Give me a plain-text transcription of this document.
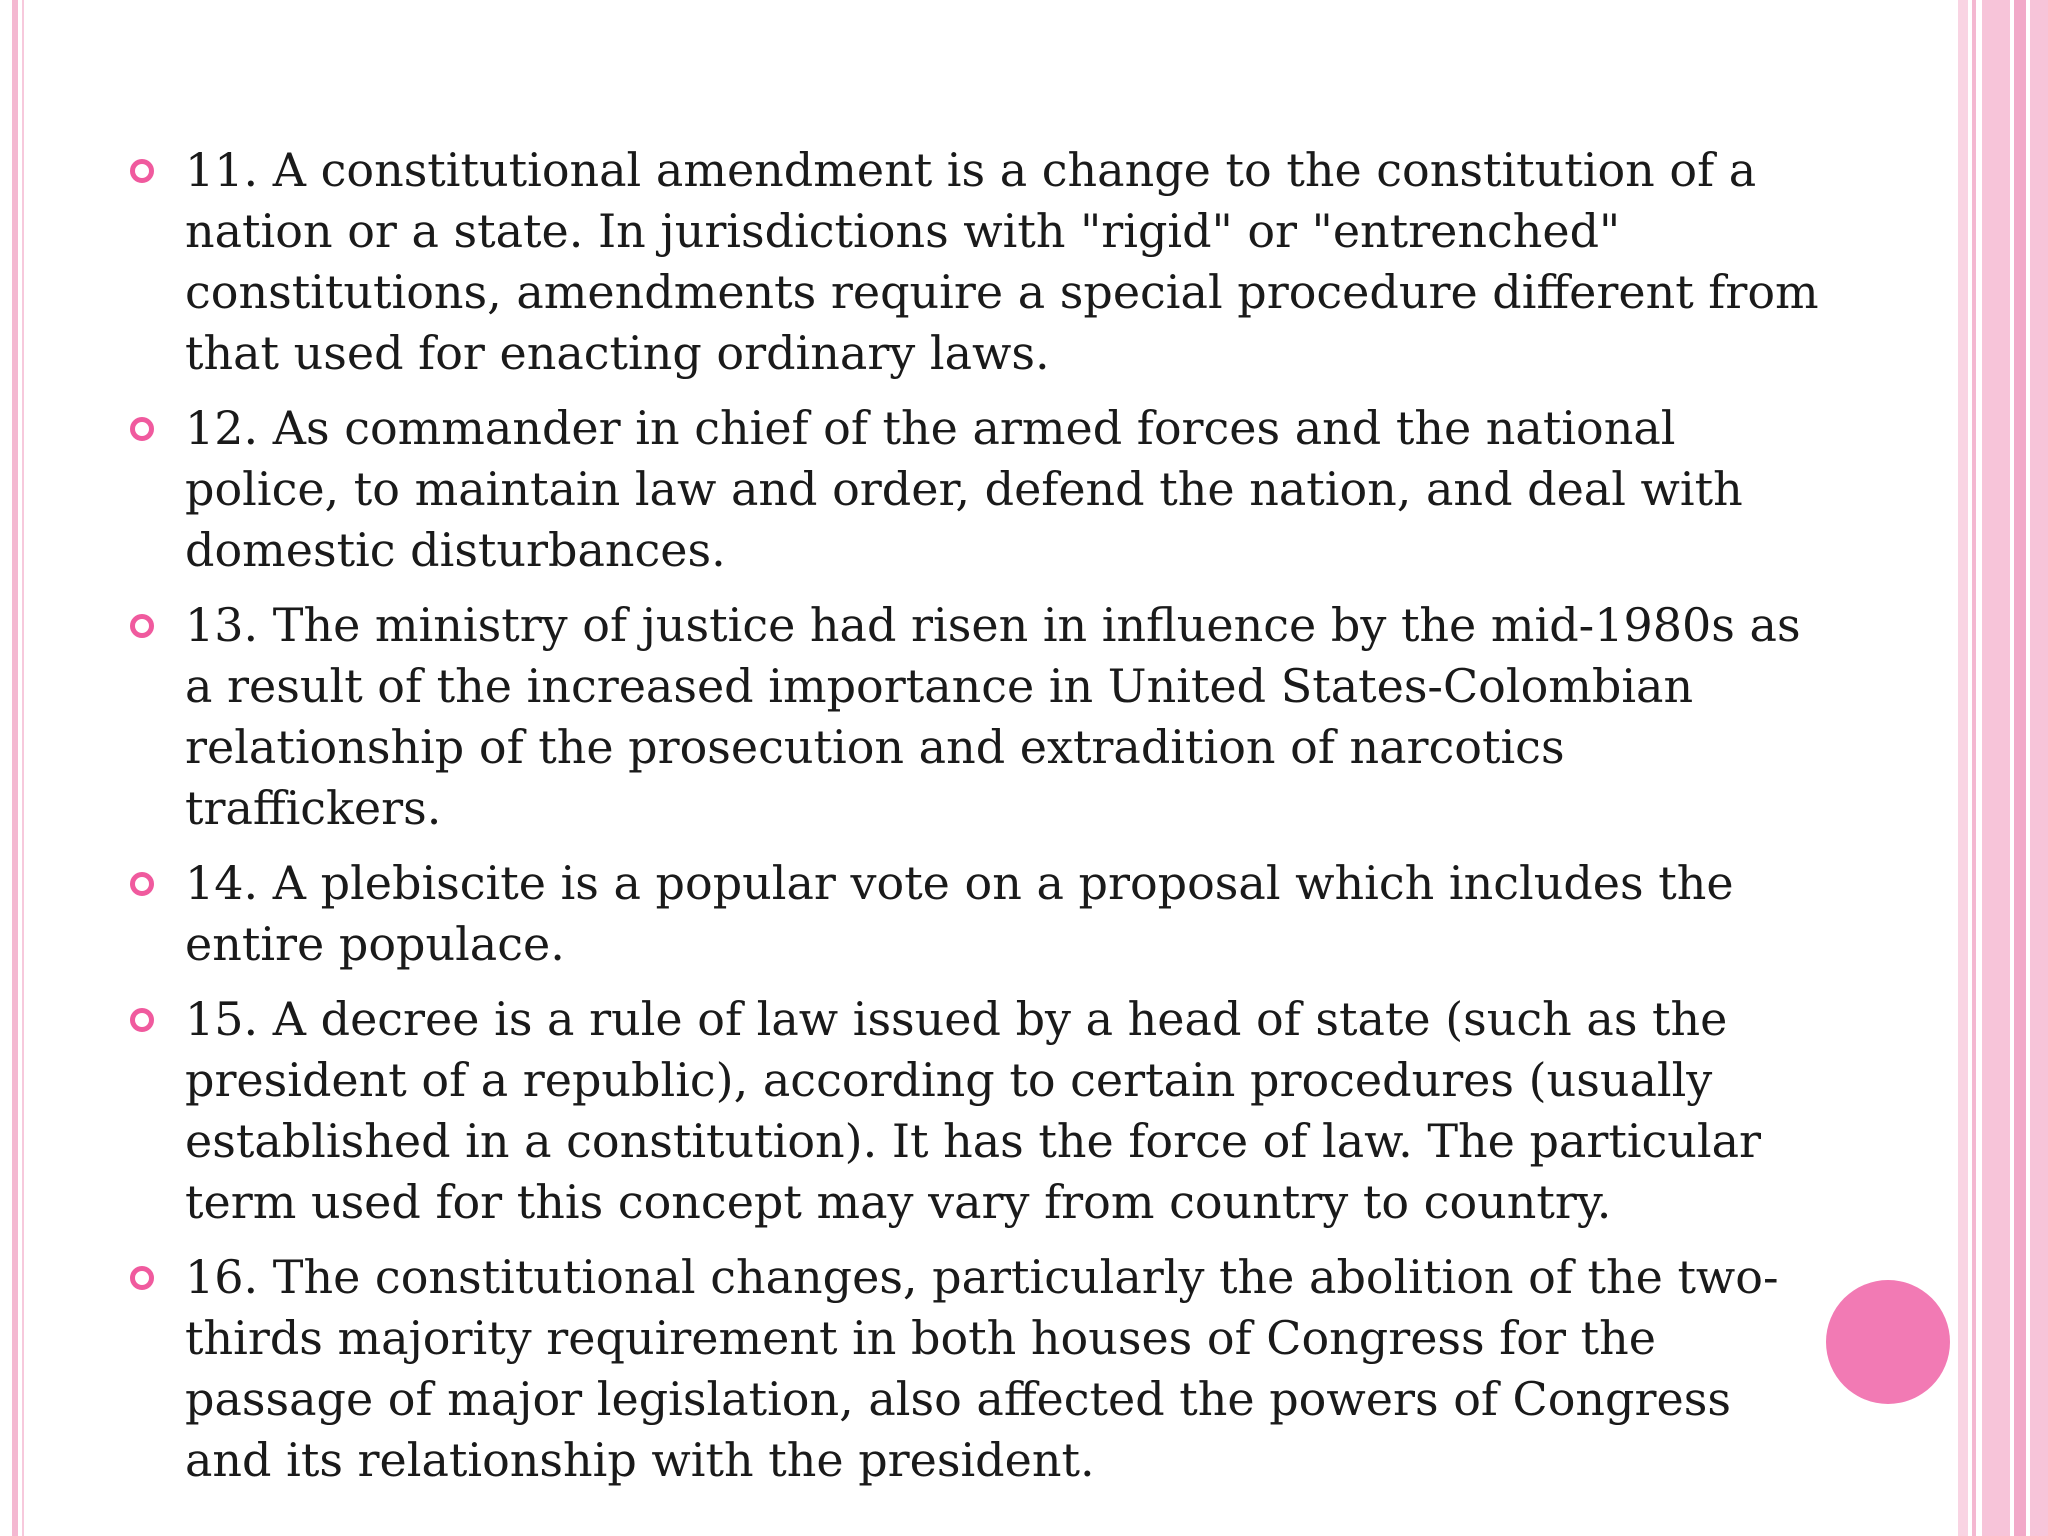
11. A constitutional amendment is a change to the constitution of a nation or a state. In jurisdictions with "rigid" or "entrenched" constitutions, amendments require a special procedure different from that used for enacting ordinary laws.
12. As commander in chief of the armed forces and the national police, to maintain law and order, defend the nation, and deal with domestic disturbances.
13. The ministry of justice had risen in influence by the mid-1980s as a result of the increased importance in United States-Colombian relationship of the prosecution and extradition of narcotics traffickers.
14. A plebiscite is a popular vote on a proposal which includes the entire populace.
15. A decree is a rule of law issued by a head of state (such as the president of a republic), according to certain procedures (usually established in a constitution). It has the force of law. The particular term used for this concept may vary from country to country.
16. The constitutional changes, particularly the abolition of the two-thirds majority requirement in both houses of Congress for the passage of major legislation, also affected the powers of Congress and its relationship with the president.
